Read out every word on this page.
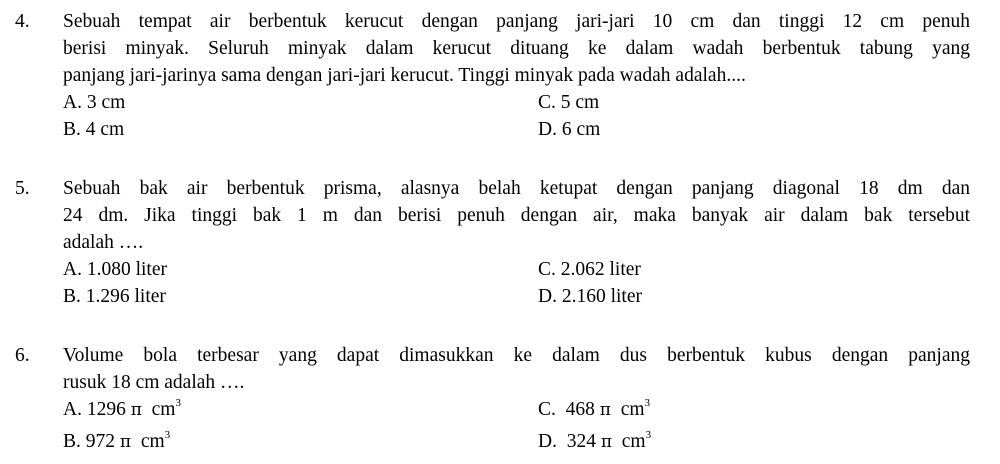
4. Sebuah tempat air berbentuk kerucut dengan panjang jari-jari 10 cm dan tinggi 12 cm penuh
berisi minyak. Seluruh minyak dalam kerucut dituang ke dalam wadah berbentuk tabung yang
panjang jari-jarinya sama dengan jari-jari kerucut. Tinggi minyak pada wadah adalah....
A. 3 cm	C. 5 cm
B. 4 cm	D. 6 cm
5. Sebuah bak air berbentuk prisma, alasnya belah ketupat dengan panjang diagonal 18 dm dan
24 dm. Jika tinggi bak 1 m dan berisi penuh dengan air, maka banyak air dalam bak tersebut
adalah ….
A. 1.080 liter	C. 2.062 liter
B. 1.296 liter	D. 2.160 liter
6. Volume bola terbesar yang dapat dimasukkan ke dalam dus berbentuk kubus dengan panjang
rusuk 18 cm adalah ….
A. 1296 π  $cm^3$	C.  468 π  $cm^3$
B. 972 π  $cm^3$	D.  324 π  $cm^3$
